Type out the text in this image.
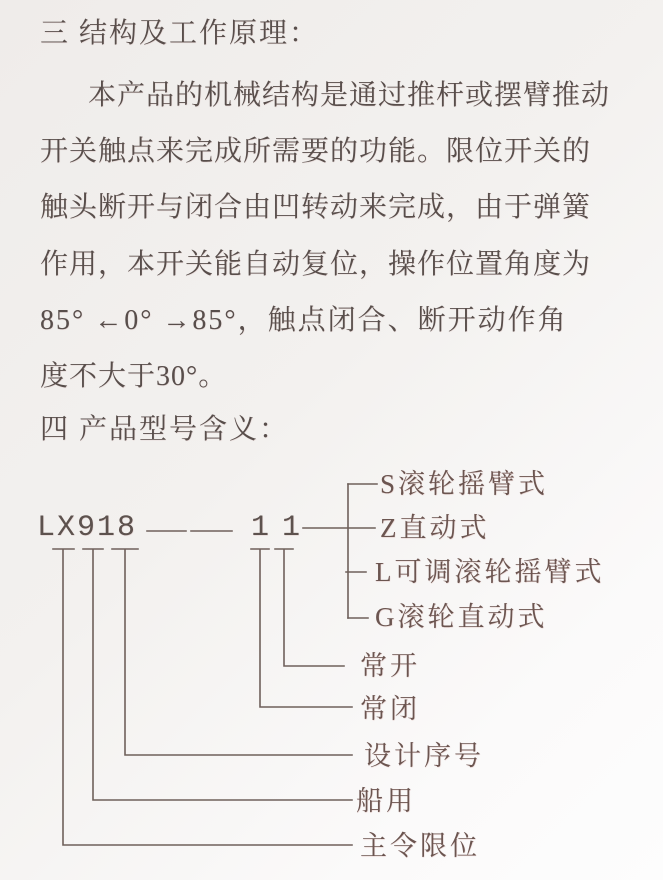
三 结构及工作原理：
本产品的机械结构是通过推杆或摆臂推动
开关触点来完成所需要的功能。限位开关的
触头断开与闭合由凹转动来完成，由于弹簧
作用，本开关能自动复位，操作位置角度为
85° ←0° →85°，触点闭合、断开动作角
度不大于30°。
四 产品型号含义：
LX918	11
S滚轮摇臂式
Z直动式
L可调滚轮摇臂式
G滚轮直动式
常开
常闭
设计序号
船用
主令限位
